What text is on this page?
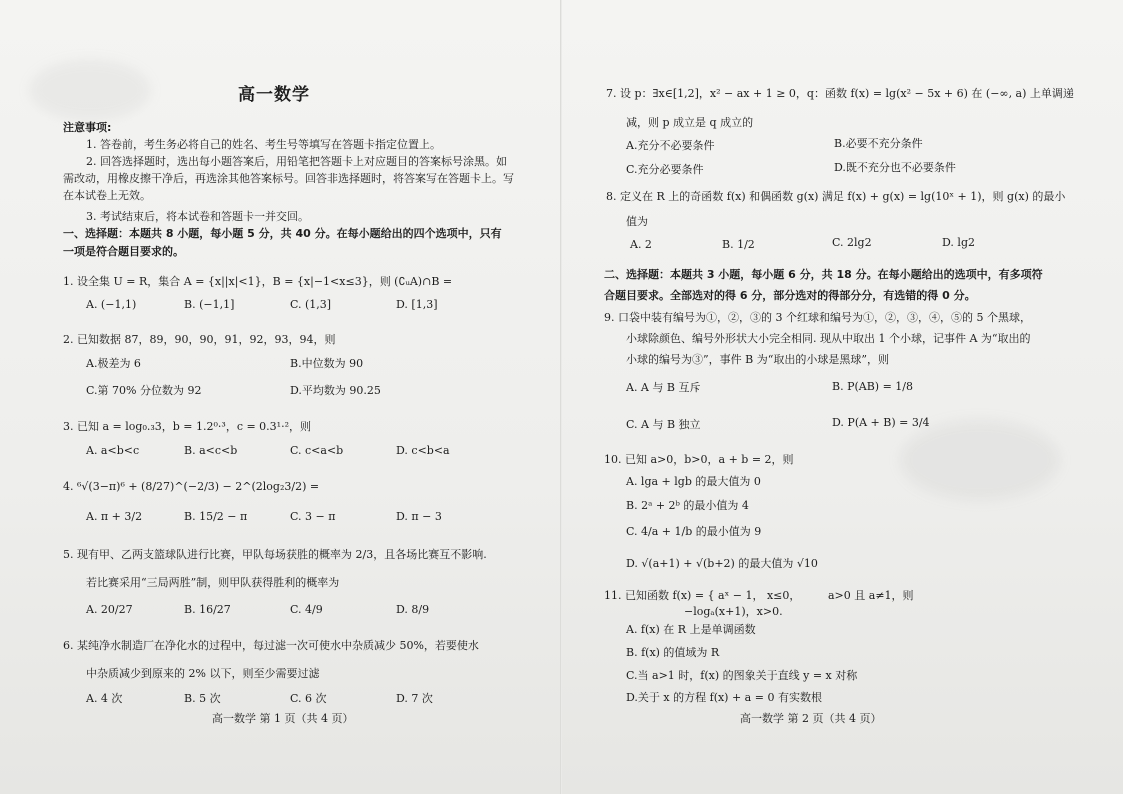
高一数学
注意事项:
1. 答卷前，考生务必将自己的姓名、考生号等填写在答题卡指定位置上。
2. 回答选择题时，选出每小题答案后，用铅笔把答题卡上对应题目的答案标号涂黑。如
需改动，用橡皮擦干净后，再选涂其他答案标号。回答非选择题时，将答案写在答题卡上。写
在本试卷上无效。
3. 考试结束后，将本试卷和答题卡一并交回。
一、选择题：本题共 8 小题，每小题 5 分，共 40 分。在每小题给出的四个选项中，只有
一项是符合题目要求的。
1. 设全集 U = R，集合 A = {x||x|<1}，B = {x|−1<x≤3}，则 (∁ᵤA)∩B =
A. (−1,1)	B. (−1,1]	C. (1,3]	D. [1,3]
2. 已知数据 87，89，90，90，91，92，93，94，则
A.极差为 6	B.中位数为 90
C.第 70% 分位数为 92	D.平均数为 90.25
3. 已知 a = log₀.₃3，b = 1.2⁰·³，c = 0.3¹·²，则
A. a<b<c	B. a<c<b	C. c<a<b	D. c<b<a
4. ⁶√(3−π)⁶ + (8/27)^(−2/3) − 2^(2log₂3/2) =
A. π + 3/2	B. 15/2 − π	C. 3 − π	D. π − 3
5. 现有甲、乙两支篮球队进行比赛，甲队每场获胜的概率为 2/3，且各场比赛互不影响.
若比赛采用“三局两胜”制，则甲队获得胜利的概率为
A. 20/27	B. 16/27	C. 4/9	D. 8/9
6. 某纯净水制造厂在净化水的过程中，每过滤一次可使水中杂质减少 50%，若要使水
中杂质减少到原来的 2% 以下，则至少需要过滤
A. 4 次	B. 5 次	C. 6 次	D. 7 次
高一数学 第 1 页（共 4 页）
7. 设 p：∃x∈[1,2]，x² − ax + 1 ≥ 0，q：函数 f(x) = lg(x² − 5x + 6) 在 (−∞, a) 上单调递
减，则 p 成立是 q 成立的
A.充分不必要条件	B.必要不充分条件
C.充分必要条件	D.既不充分也不必要条件
8. 定义在 R 上的奇函数 f(x) 和偶函数 g(x) 满足 f(x) + g(x) = lg(10ˣ + 1)，则 g(x) 的最小
值为
A. 2	B. 1/2	C. 2lg2	D. lg2
二、选择题：本题共 3 小题，每小题 6 分，共 18 分。在每小题给出的选项中，有多项符
合题目要求。全部选对的得 6 分，部分选对的得部分分，有选错的得 0 分。
9. 口袋中装有编号为①，②，③的 3 个红球和编号为①，②，③，④，⑤的 5 个黑球，
小球除颜色、编号外形状大小完全相同. 现从中取出 1 个小球，记事件 A 为“取出的
小球的编号为③”，事件 B 为“取出的小球是黑球”，则
A. A 与 B 互斥	B. P(AB) = 1/8
C. A 与 B 独立	D. P(A + B) = 3/4
10. 已知 a>0，b>0，a + b = 2，则
A. lga + lgb 的最大值为 0
B. 2ᵃ + 2ᵇ 的最小值为 4
C. 4/a + 1/b 的最小值为 9
D. √(a+1) + √(b+2) 的最大值为 √10
11. 已知函数 f(x) = { aˣ − 1， x≤0，
−logₐ(x+1)，x>0.
a>0 且 a≠1，则
A. f(x) 在 R 上是单调函数
B. f(x) 的值域为 R
C.当 a>1 时，f(x) 的图象关于直线 y = x 对称
D.关于 x 的方程 f(x) + a = 0 有实数根
高一数学 第 2 页（共 4 页）
